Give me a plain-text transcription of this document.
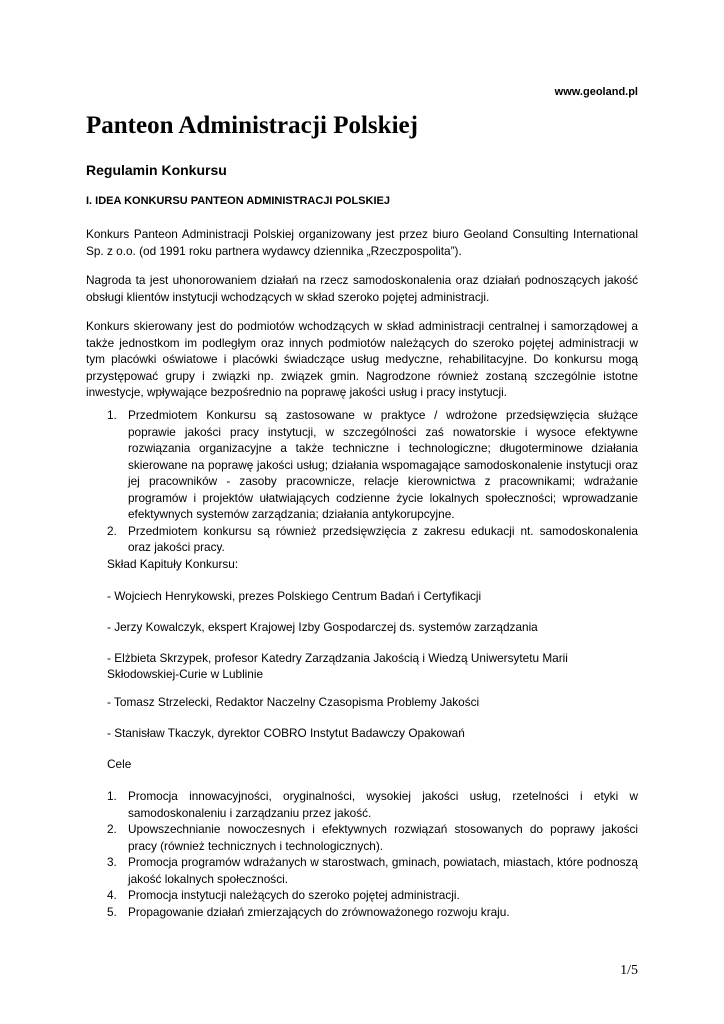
www.geoland.pl
Panteon Administracji Polskiej
Regulamin Konkursu
I. IDEA KONKURSU PANTEON ADMINISTRACJI POLSKIEJ

Konkurs Panteon Administracji Polskiej organizowany jest przez biuro Geoland Consulting International Sp. z o.o. (od 1991 roku partnera wydawcy dziennika „Rzeczpospolita”).

Nagroda ta jest uhonorowaniem działań na rzecz samodoskonalenia oraz działań podnoszących jakość obsługi klientów instytucji wchodzących w skład szeroko pojętej administracji.

Konkurs skierowany jest do podmiotów wchodzących w skład administracji centralnej i samorządowej a także jednostkom im podległym oraz innych podmiotów należących do szeroko pojętej administracji w tym placówki oświatowe i placówki świadczące usług medyczne, rehabilitacyjne. Do konkursu mogą przystępować grupy i związki np. związek gmin. Nagrodzone również zostaną szczególnie istotne inwestycje, wpływające bezpośrednio na poprawę jakości usług i pracy instytucji.

1. Przedmiotem Konkursu są zastosowane w praktyce / wdrożone przedsięwzięcia służące poprawie jakości pracy instytucji, w szczególności zaś nowatorskie i wysoce efektywne rozwiązania organizacyjne a także techniczne i technologiczne; długoterminowe działania skierowane na poprawę jakości usług; działania wspomagające samodoskonalenie instytucji oraz jej pracowników - zasoby pracownicze, relacje kierownictwa z pracownikami; wdrażanie programów i projektów ułatwiających codzienne życie lokalnych społeczności; wprowadzanie efektywnych systemów zarządzania; działania antykorupcyjne.
2. Przedmiotem konkursu są również przedsięwzięcia z zakresu edukacji nt. samodoskonalenia oraz jakości pracy.

Skład Kapituły Konkursu:

- Wojciech Henrykowski, prezes Polskiego Centrum Badań i Certyfikacji

- Jerzy Kowalczyk, ekspert Krajowej Izby Gospodarczej ds. systemów zarządzania

- Elżbieta Skrzypek, profesor Katedry Zarządzania Jakością i Wiedzą Uniwersytetu Marii

Skłodowskiej-Curie w Lublinie

- Tomasz Strzelecki, Redaktor Naczelny Czasopisma Problemy Jakości

- Stanisław Tkaczyk, dyrektor COBRO Instytut Badawczy Opakowań

Cele

1. Promocja innowacyjności, oryginalności, wysokiej jakości usług, rzetelności i etyki w samodoskonaleniu i zarządzaniu przez jakość.
2. Upowszechnianie nowoczesnych i efektywnych rozwiązań stosowanych do poprawy jakości pracy (również technicznych i technologicznych).
3. Promocja programów wdrażanych w starostwach, gminach, powiatach, miastach, które podnoszą jakość lokalnych społeczności.
4. Promocja instytucji należących do szeroko pojętej administracji.
5. Propagowanie działań zmierzających do zrównoważonego rozwoju kraju.
1/5
